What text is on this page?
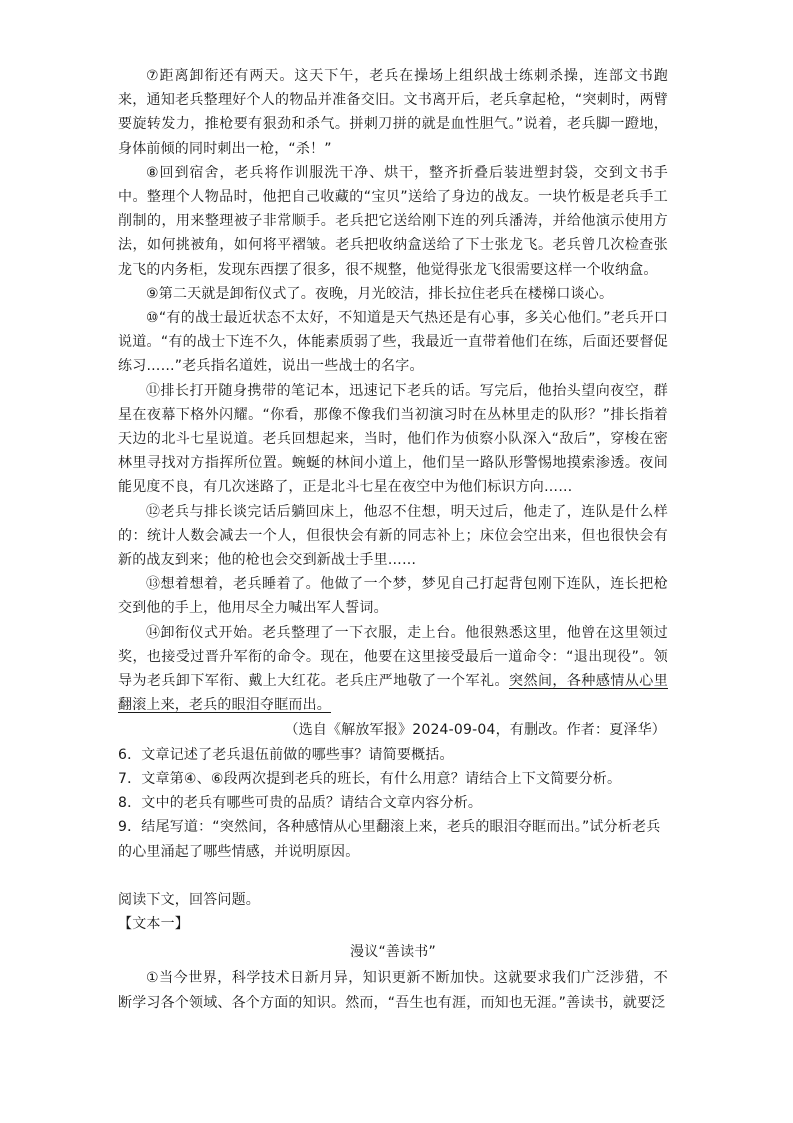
⑦距离卸衔还有两天。这天下午，老兵在操场上组织战士练刺杀操，连部文书跑来，通知老兵整理好个人的物品并准备交旧。文书离开后，老兵拿起枪，“突刺时，两臂要旋转发力，推枪要有狠劲和杀气。拼刺刀拼的就是血性胆气。”说着，老兵脚一蹬地，身体前倾的同时刺出一枪，“杀！”

⑧回到宿舍，老兵将作训服洗干净、烘干，整齐折叠后装进塑封袋，交到文书手中。整理个人物品时，他把自己收藏的“宝贝”送给了身边的战友。一块竹板是老兵手工削制的，用来整理被子非常顺手。老兵把它送给刚下连的列兵潘涛，并给他演示使用方法，如何挑被角，如何将平褶皱。老兵把收纳盒送给了下士张龙飞。老兵曾几次检查张龙飞的内务柜，发现东西摆了很多，很不规整，他觉得张龙飞很需要这样一个收纳盒。

⑨第二天就是卸衔仪式了。夜晚，月光皎洁，排长拉住老兵在楼梯口谈心。

⑩“有的战士最近状态不太好，不知道是天气热还是有心事，多关心他们。”老兵开口说道。“有的战士下连不久，体能素质弱了些，我最近一直带着他们在练，后面还要督促练习……”老兵指名道姓，说出一些战士的名字。

⑪排长打开随身携带的笔记本，迅速记下老兵的话。写完后，他抬头望向夜空，群星在夜幕下格外闪耀。“你看，那像不像我们当初演习时在丛林里走的队形？”排长指着天边的北斗七星说道。老兵回想起来，当时，他们作为侦察小队深入“敌后”，穿梭在密林里寻找对方指挥所位置。蜿蜒的林间小道上，他们呈一路队形警惕地摸索渗透。夜间能见度不良，有几次迷路了，正是北斗七星在夜空中为他们标识方向……

⑫老兵与排长谈完话后躺回床上，他忍不住想，明天过后，他走了，连队是什么样的：统计人数会减去一个人，但很快会有新的同志补上；床位会空出来，但也很快会有新的战友到来；他的枪也会交到新战士手里……

⑬想着想着，老兵睡着了。他做了一个梦，梦见自己打起背包刚下连队，连长把枪交到他的手上，他用尽全力喊出军人誓词。

⑭卸衔仪式开始。老兵整理了一下衣服，走上台。他很熟悉这里，他曾在这里领过奖，也接受过晋升军衔的命令。现在，他要在这里接受最后一道命令：“退出现役”。领导为老兵卸下军衔、戴上大红花。老兵庄严地敬了一个军礼。突然间，各种感情从心里翻滚上来，老兵的眼泪夺眶而出。

（选自《解放军报》2024-09-04，有删改。作者：夏泽华）

6．文章记述了老兵退伍前做的哪些事？请简要概括。

7．文章第④、⑥段两次提到老兵的班长，有什么用意？请结合上下文简要分析。

8．文中的老兵有哪些可贵的品质？请结合文章内容分析。

9．结尾写道：“突然间，各种感情从心里翻滚上来，老兵的眼泪夺眶而出。”试分析老兵的心里涌起了哪些情感，并说明原因。

阅读下文，回答问题。

【文本一】

漫议“善读书”

①当今世界，科学技术日新月异，知识更新不断加快。这就要求我们广泛涉猎，不断学习各个领域、各个方面的知识。然而，“吾生也有涯，而知也无涯。”善读书，就要泛
